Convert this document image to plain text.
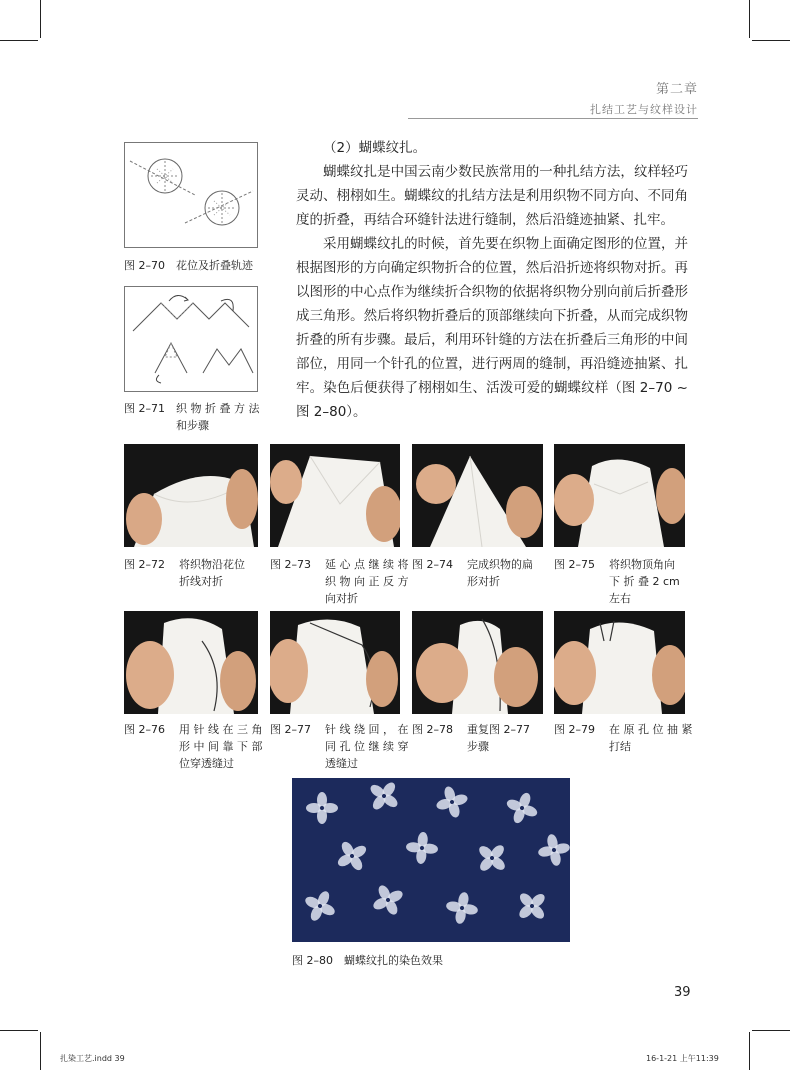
第二章
扎结工艺与纹样设计
图 2–70 花位及折叠轨迹
图 2–71 织 物 折 叠 方 法
和步骤

（2）蝴蝶纹扎。

蝴蝶纹扎是中国云南少数民族常用的一种扎结方法，纹样轻巧灵动、栩栩如生。蝴蝶纹的扎结方法是利用织物不同方向、不同角度的折叠，再结合环缝针法进行缝制，然后沿缝迹抽紧、扎牢。

采用蝴蝶纹扎的时候，首先要在织物上面确定图形的位置，并根据图形的方向确定织物折合的位置，然后沿折迹将织物对折。再以图形的中心点作为继续折合织物的依据将织物分别向前后折叠形成三角形。然后将织物折叠后的顶部继续向下折叠，从而完成织物折叠的所有步骤。最后，利用环针缝的方法在折叠后三角形的中间部位，用同一个针孔的位置，进行两周的缝制，再沿缝迹抽紧、扎牢。染色后便获得了栩栩如生、活泼可爱的蝴蝶纹样（图 2–70 ~ 图 2–80）。

图 2–72 将织物沿花位
折线对折
图 2–73 延 心 点 继 续 将
织 物 向 正 反 方
向对折
图 2–74 完成织物的扁
形对折
图 2–75 将织物顶角向
下 折 叠 2 cm
左右
图 2–76 用 针 线 在 三 角
形 中 间 靠 下 部
位穿透缝过
图 2–77 针 线 绕 回 ， 在
同 孔 位 继 续 穿
透缝过
图 2–78 重复图 2–77
步骤
图 2–79 在 原 孔 位 抽 紧
打结
图 2–80 蝴蝶纹扎的染色效果
39
扎染工艺.indd 39	16-1-21 上午11:39
